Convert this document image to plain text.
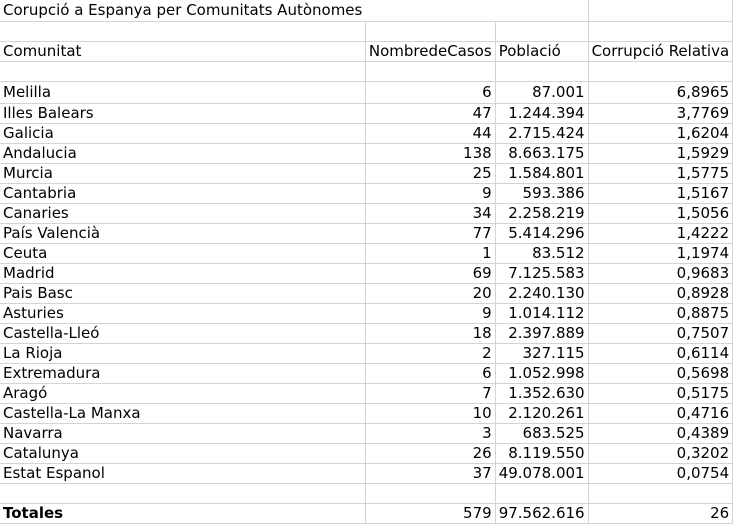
Corupció a Espanya per Comunitats Autònomes			

Comunitat	NombredeCasos	Població	Corrupció Relativa

Melilla	6	87.001	6,8965
Illes Balears	47	1.244.394	3,7769
Galicia	44	2.715.424	1,6204
Andalucia	138	8.663.175	1,5929
Murcia	25	1.584.801	1,5775
Cantabria	9	593.386	1,5167
Canaries	34	2.258.219	1,5056
País Valencià	77	5.414.296	1,4222
Ceuta	1	83.512	1,1974
Madrid	69	7.125.583	0,9683
Pais Basc	20	2.240.130	0,8928
Asturies	9	1.014.112	0,8875
Castella-Lleó	18	2.397.889	0,7507
La Rioja	2	327.115	0,6114
Extremadura	6	1.052.998	0,5698
Aragó	7	1.352.630	0,5175
Castella-La Manxa	10	2.120.261	0,4716
Navarra	3	683.525	0,4389
Catalunya	26	8.119.550	0,3202
Estat Espanol	37	49.078.001	0,0754

Totales	579	97.562.616	26
